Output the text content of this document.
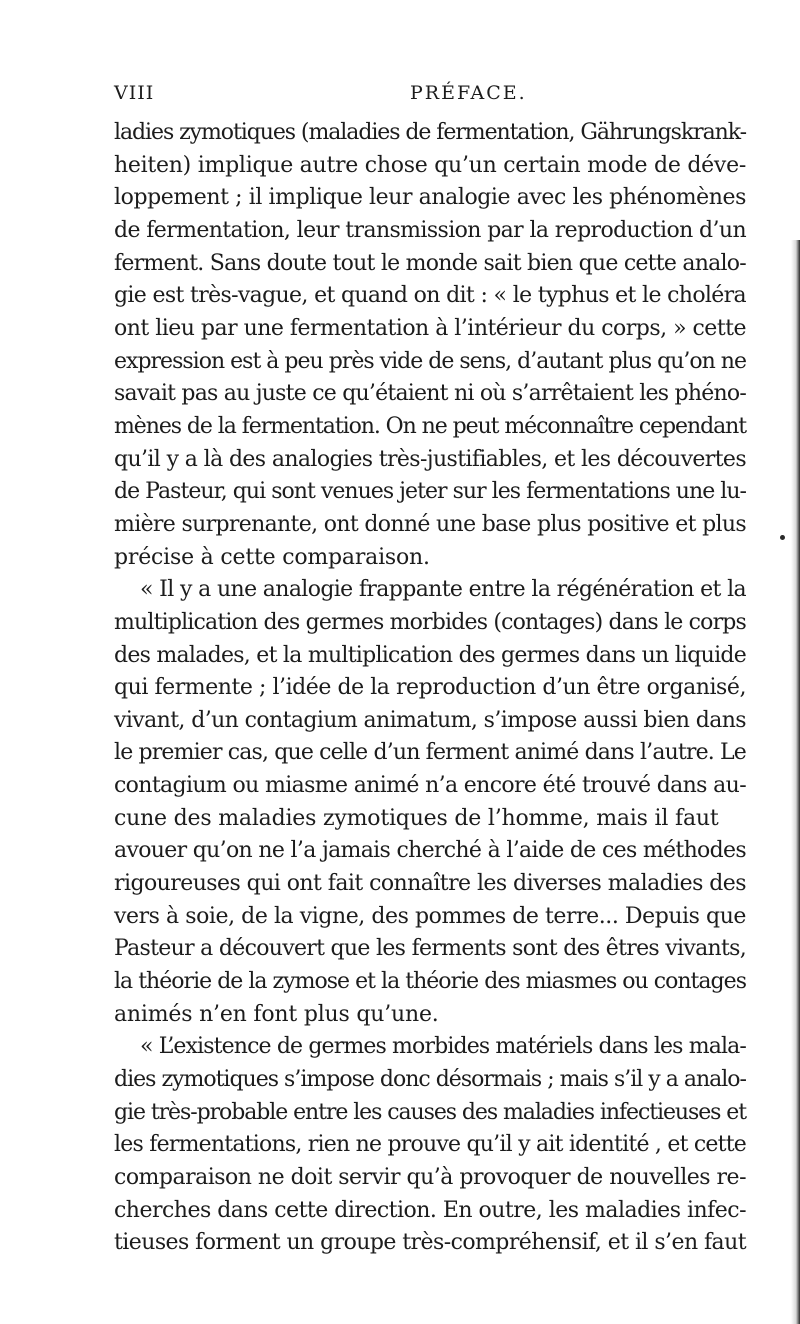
VIII	PRÉFACE.
ladies zymotiques (maladies de fermentation, Gährungskrank-
heiten) implique autre chose qu’un certain mode de déve-
loppement ; il implique leur analogie avec les phénomènes
de fermentation, leur transmission par la reproduction d’un
ferment. Sans doute tout le monde sait bien que cette analo-
gie est très-vague, et quand on dit : « le typhus et le choléra
ont lieu par une fermentation à l’intérieur du corps, » cette
expression est à peu près vide de sens, d’autant plus qu’on ne
savait pas au juste ce qu’étaient ni où s’arrêtaient les phéno-
mènes de la fermentation. On ne peut méconnaître cependant
qu’il y a là des analogies très-justifiables, et les découvertes
de Pasteur, qui sont venues jeter sur les fermentations une lu-
mière surprenante, ont donné une base plus positive et plus
précise à cette comparaison.
« Il y a une analogie frappante entre la régénération et la
multiplication des germes morbides (contages) dans le corps
des malades, et la multiplication des germes dans un liquide
qui fermente ; l’idée de la reproduction d’un être organisé,
vivant, d’un contagium animatum, s’impose aussi bien dans
le premier cas, que celle d’un ferment animé dans l’autre. Le
contagium ou miasme animé n’a encore été trouvé dans au-
cune des maladies zymotiques de l’homme, mais il faut
avouer qu’on ne l’a jamais cherché à l’aide de ces méthodes
rigoureuses qui ont fait connaître les diverses maladies des
vers à soie, de la vigne, des pommes de terre... Depuis que
Pasteur a découvert que les ferments sont des êtres vivants,
la théorie de la zymose et la théorie des miasmes ou contages
animés n’en font plus qu’une.
« L’existence de germes morbides matériels dans les mala-
dies zymotiques s’impose donc désormais ; mais s’il y a analo-
gie très-probable entre les causes des maladies infectieuses et
les fermentations, rien ne prouve qu’il y ait identité , et cette
comparaison ne doit servir qu’à provoquer de nouvelles re-
cherches dans cette direction. En outre, les maladies infec-
tieuses forment un groupe très-compréhensif, et il s’en faut
